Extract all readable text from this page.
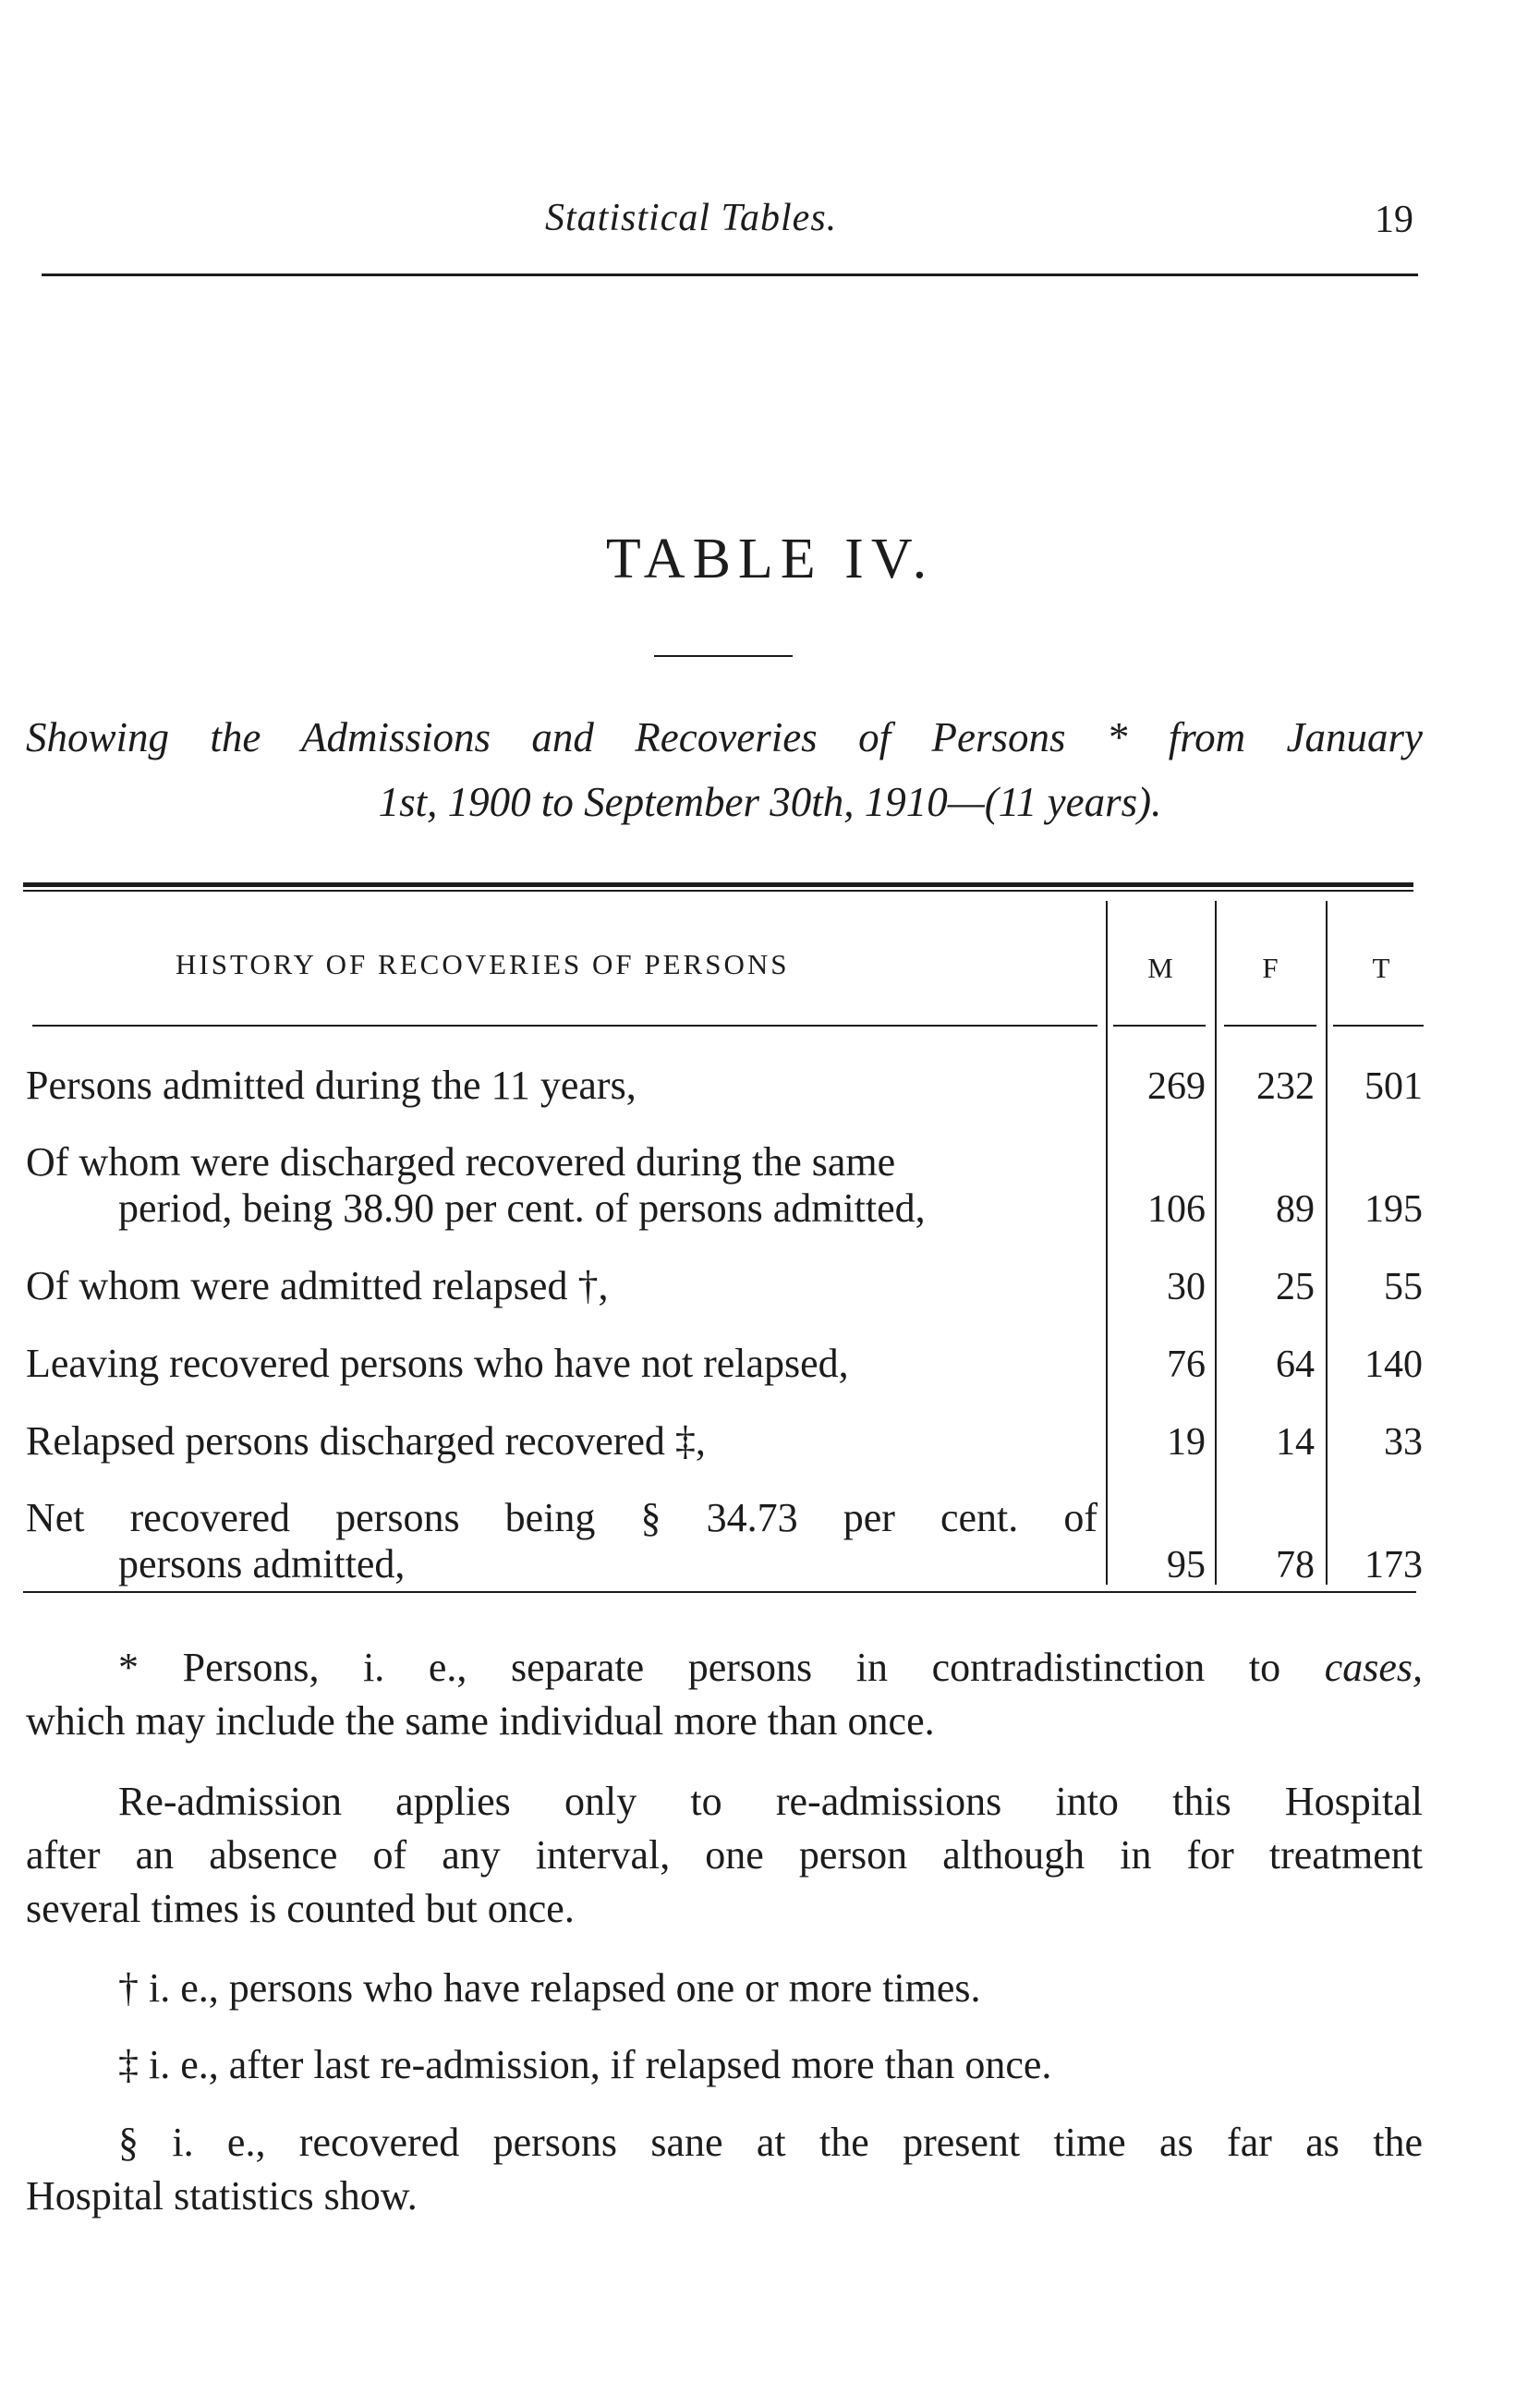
Statistical Tables.	19
TABLE IV.
Showing the Admissions and Recoveries of Persons * from January
1st, 1900 to September 30th, 1910—(11 years).
HISTORY OF RECOVERIES OF PERSONS	M	F	T
Persons admitted during the 11 years,	269	232	501
Of whom were discharged recovered during the same
period, being 38.90 per cent. of persons admitted,	106	89	195
Of whom were admitted relapsed †,	30	25	55
Leaving recovered persons who have not relapsed,	76	64	140
Relapsed persons discharged recovered ‡,	19	14	33
Net recovered persons being § 34.73 per cent. of
persons admitted,	95	78	173

* Persons, i. e., separate persons in contradistinction to cases,

which may include the same individual more than once.

Re-admission applies only to re-admissions into this Hospital

after an absence of any interval, one person although in for treatment

several times is counted but once.

† i. e., persons who have relapsed one or more times.

‡ i. e., after last re-admission, if relapsed more than once.

§ i. e., recovered persons sane at the present time as far as the

Hospital statistics show.
